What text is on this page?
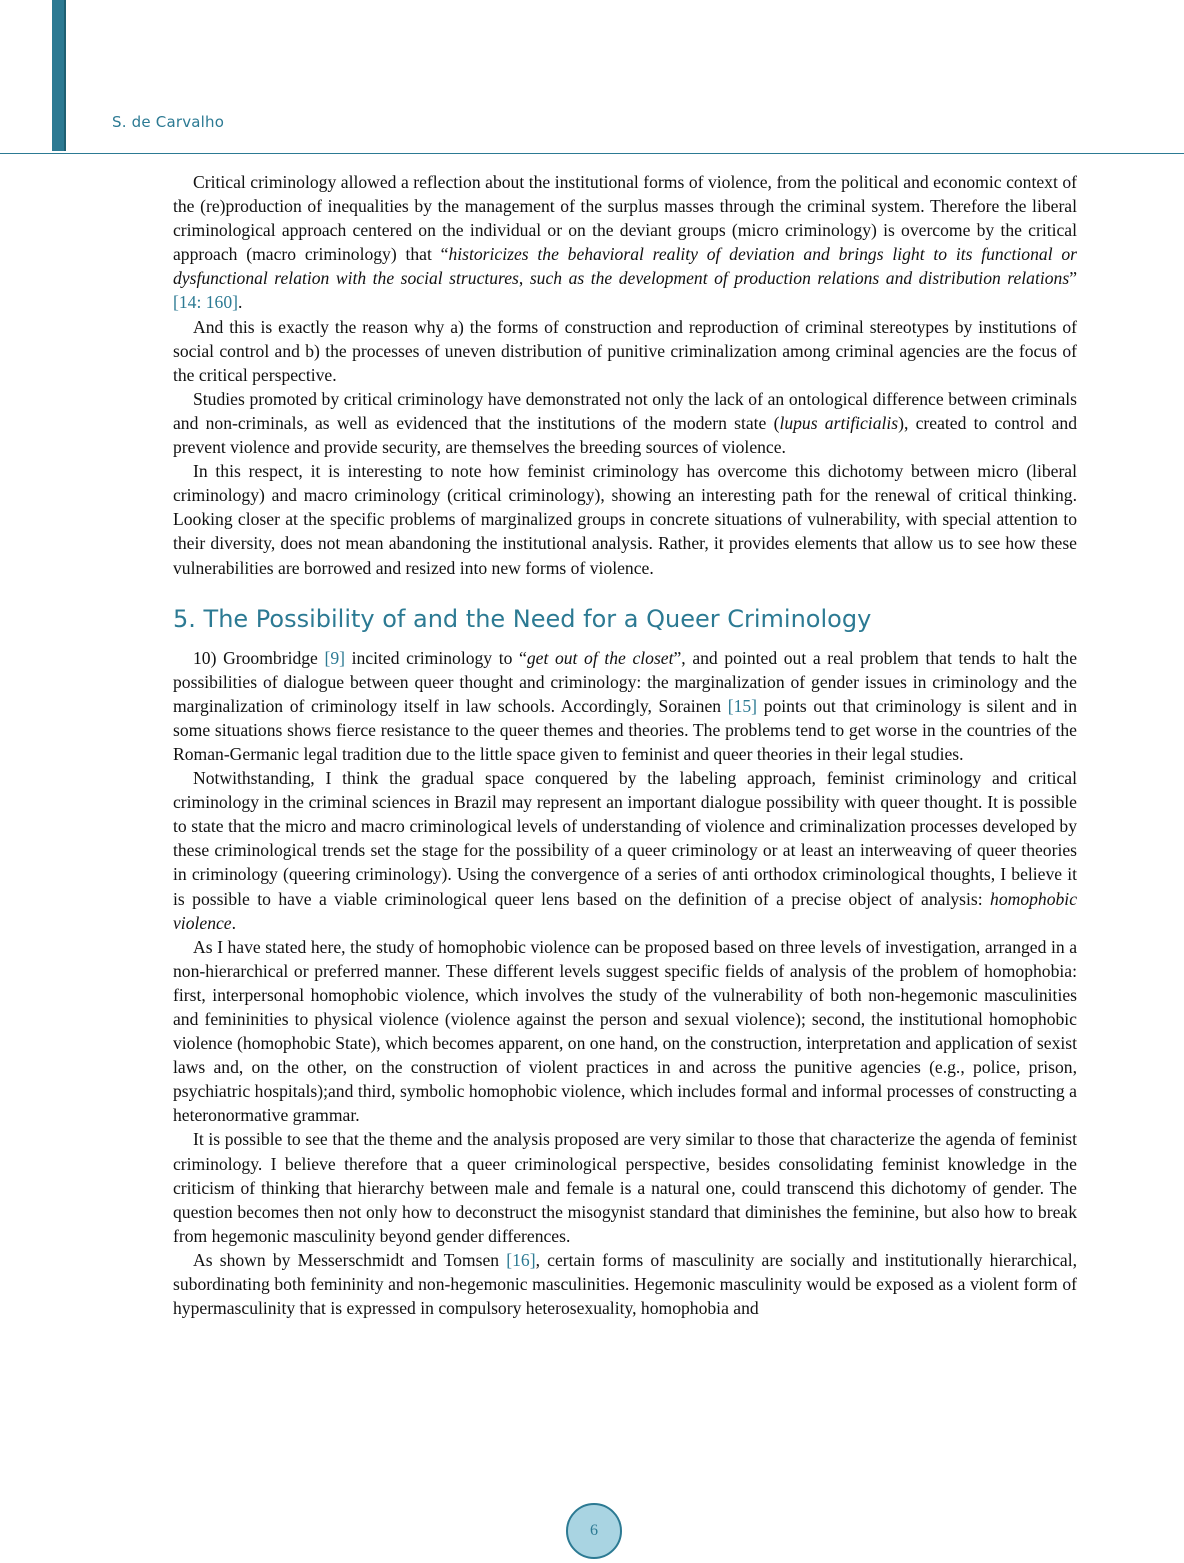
S. de Carvalho

Critical criminology allowed a reflection about the institutional forms of violence, from the political and economic context of the (re)production of inequalities by the management of the surplus masses through the criminal system. Therefore the liberal criminological approach centered on the individual or on the deviant groups (micro criminology) is overcome by the critical approach (macro criminology) that “historicizes the behavioral reality of deviation and brings light to its functional or dysfunctional relation with the social structures, such as the development of production relations and distribution relations” [14: 160].

And this is exactly the reason why a) the forms of construction and reproduction of criminal stereotypes by institutions of social control and b) the processes of uneven distribution of punitive criminalization among criminal agencies are the focus of the critical perspective.

Studies promoted by critical criminology have demonstrated not only the lack of an ontological difference between criminals and non-criminals, as well as evidenced that the institutions of the modern state (lupus artificialis), created to control and prevent violence and provide security, are themselves the breeding sources of violence.

In this respect, it is interesting to note how feminist criminology has overcome this dichotomy between micro (liberal criminology) and macro criminology (critical criminology), showing an interesting path for the renewal of critical thinking. Looking closer at the specific problems of marginalized groups in concrete situations of vulnerability, with special attention to their diversity, does not mean abandoning the institutional analysis. Rather, it provides elements that allow us to see how these vulnerabilities are borrowed and resized into new forms of violence.

5. The Possibility of and the Need for a Queer Criminology

10) Groombridge [9] incited criminology to “get out of the closet”, and pointed out a real problem that tends to halt the possibilities of dialogue between queer thought and criminology: the marginalization of gender issues in criminology and the marginalization of criminology itself in law schools. Accordingly, Sorainen [15] points out that criminology is silent and in some situations shows fierce resistance to the queer themes and theories. The problems tend to get worse in the countries of the Roman-Germanic legal tradition due to the little space given to feminist and queer theories in their legal studies.

Notwithstanding, I think the gradual space conquered by the labeling approach, feminist criminology and critical criminology in the criminal sciences in Brazil may represent an important dialogue possibility with queer thought. It is possible to state that the micro and macro criminological levels of understanding of violence and criminalization processes developed by these criminological trends set the stage for the possibility of a queer criminology or at least an interweaving of queer theories in criminology (queering criminology). Using the convergence of a series of anti orthodox criminological thoughts, I believe it is possible to have a viable criminological queer lens based on the definition of a precise object of analysis: homophobic violence.

As I have stated here, the study of homophobic violence can be proposed based on three levels of investigation, arranged in a non-hierarchical or preferred manner. These different levels suggest specific fields of analysis of the problem of homophobia: first, interpersonal homophobic violence, which involves the study of the vulnerability of both non-hegemonic masculinities and femininities to physical violence (violence against the person and sexual violence); second, the institutional homophobic violence (homophobic State), which becomes apparent, on one hand, on the construction, interpretation and application of sexist laws and, on the other, on the construction of violent practices in and across the punitive agencies (e.g., police, prison, psychiatric hospitals);and third, symbolic homophobic violence, which includes formal and informal processes of constructing a heteronormative grammar.

It is possible to see that the theme and the analysis proposed are very similar to those that characterize the agenda of feminist criminology. I believe therefore that a queer criminological perspective, besides consolidating feminist knowledge in the criticism of thinking that hierarchy between male and female is a natural one, could transcend this dichotomy of gender. The question becomes then not only how to deconstruct the misogynist standard that diminishes the feminine, but also how to break from hegemonic masculinity beyond gender differences.

As shown by Messerschmidt and Tomsen [16], certain forms of masculinity are socially and institutionally hierarchical, subordinating both femininity and non-hegemonic masculinities. Hegemonic masculinity would be exposed as a violent form of hypermasculinity that is expressed in compulsory heterosexuality, homophobia and

6
